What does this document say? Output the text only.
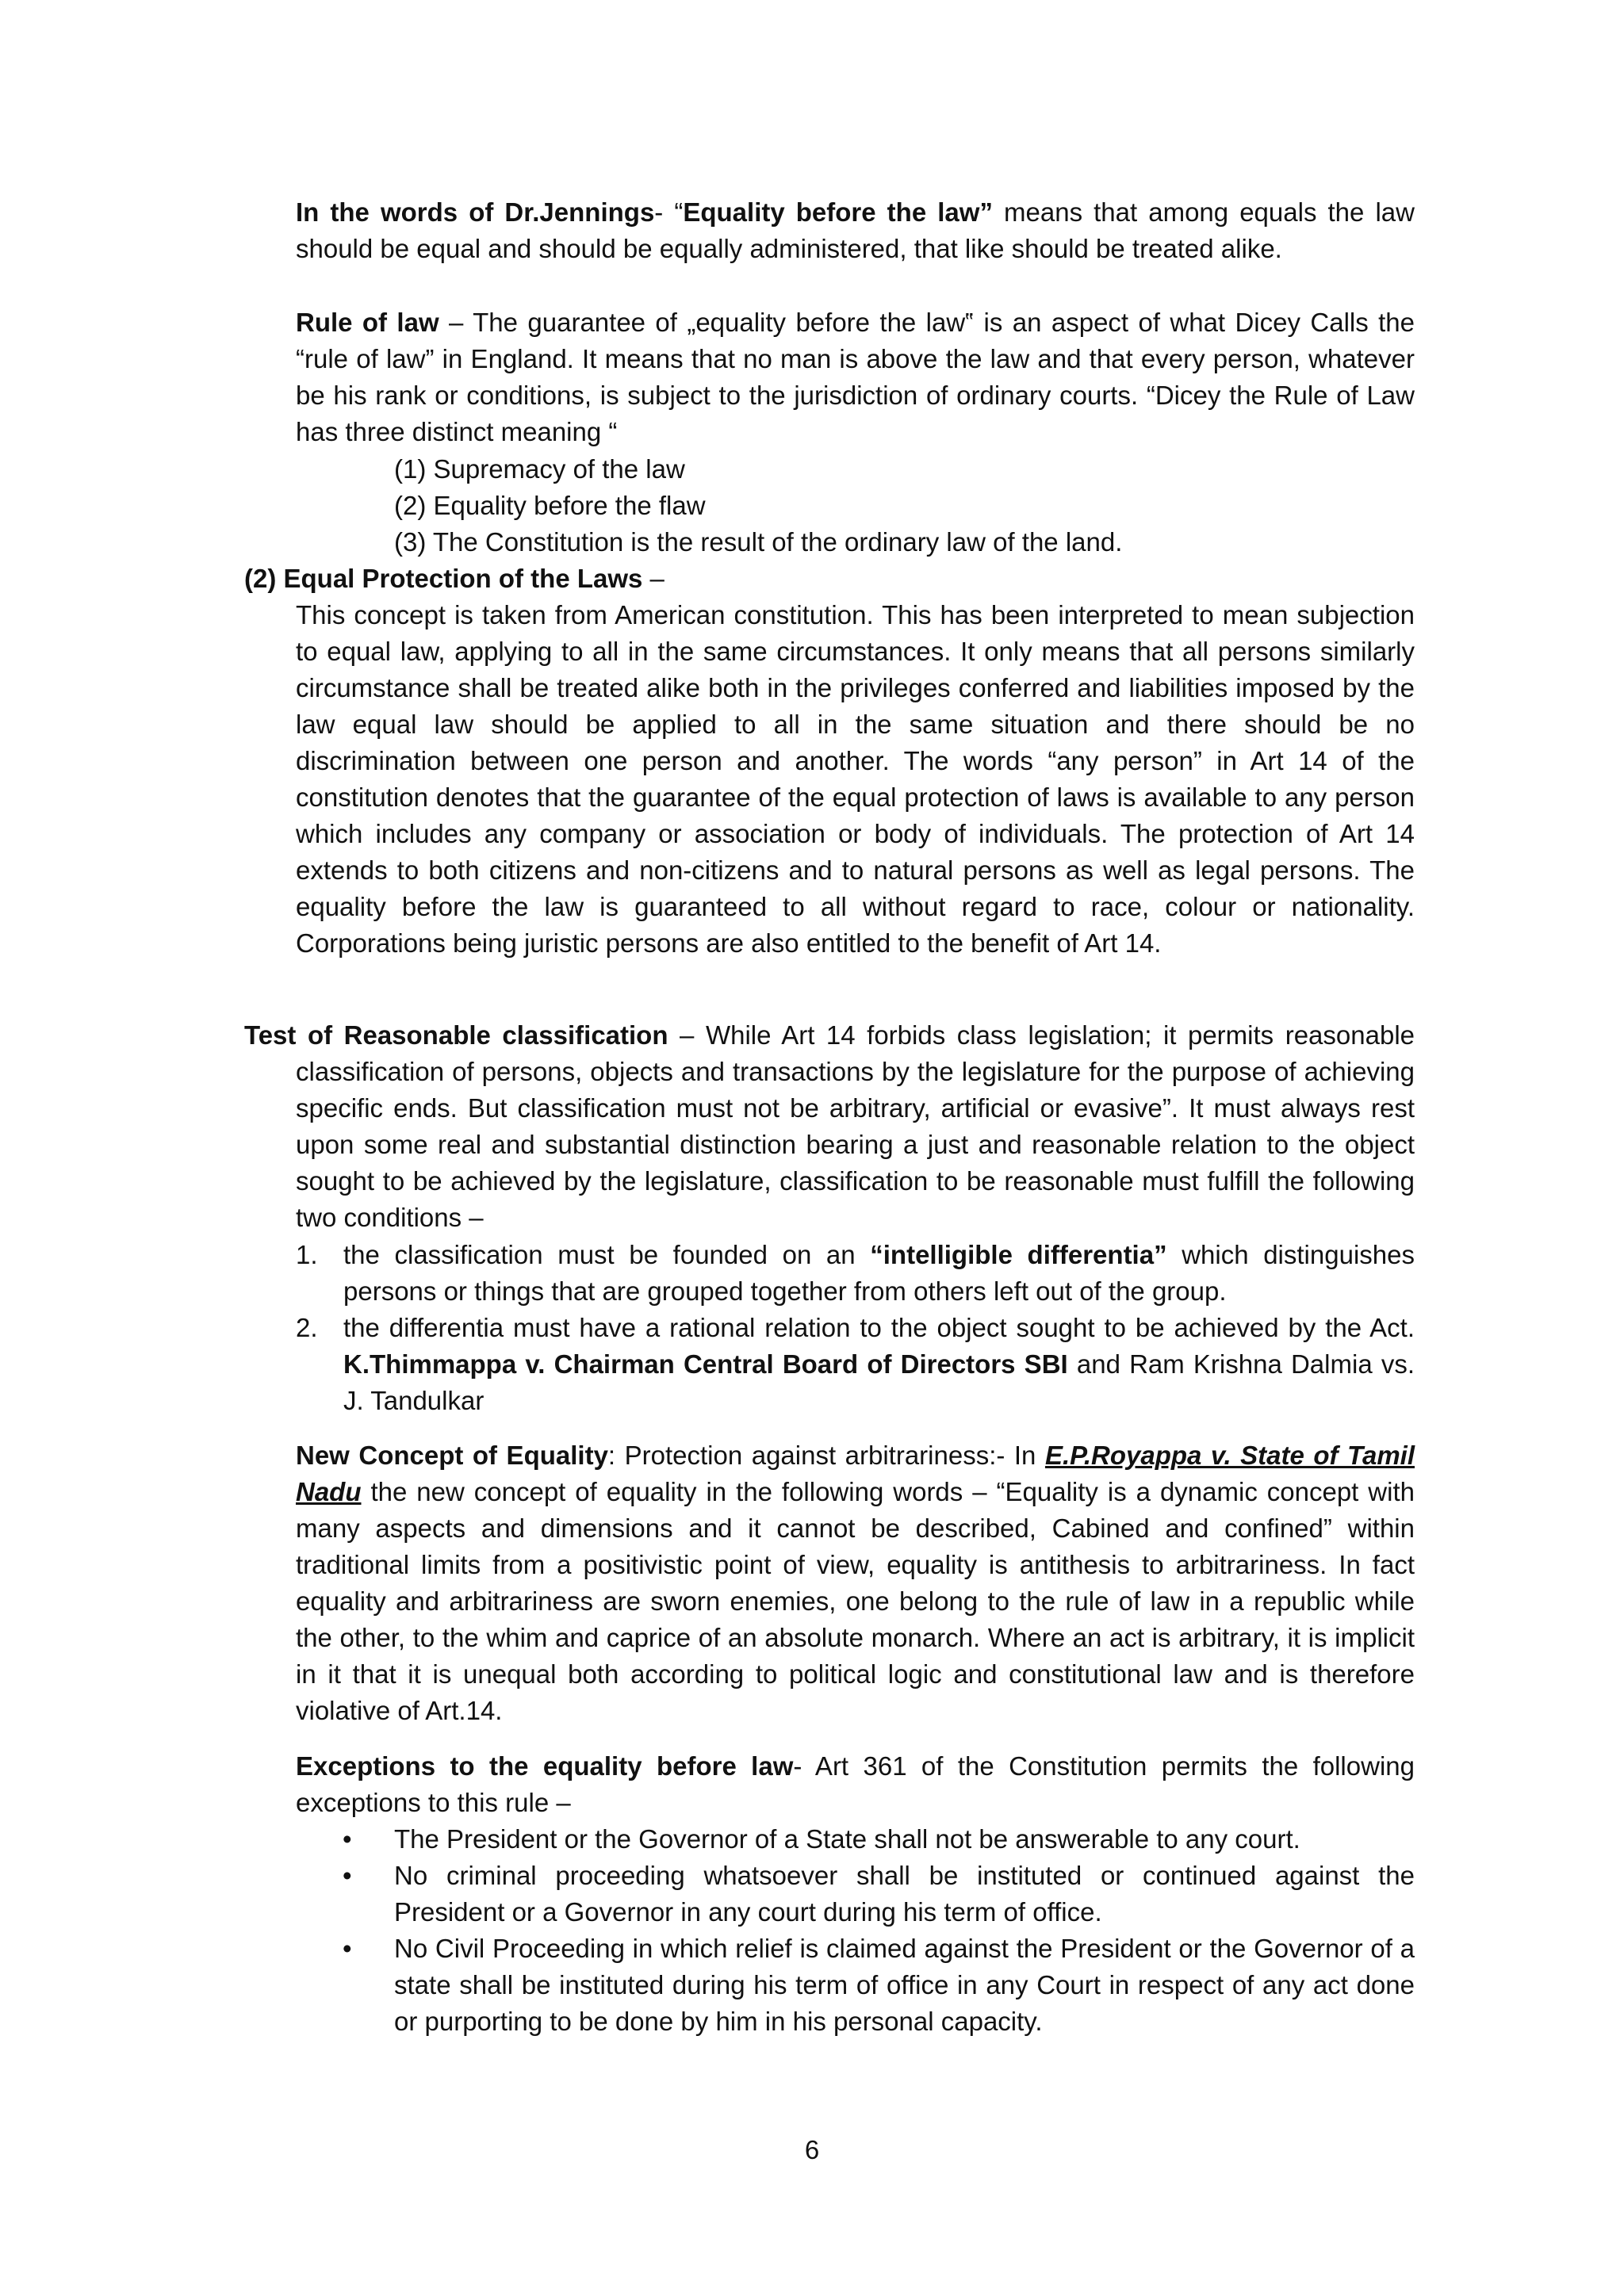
In the words of Dr.Jennings- “Equality before the law” means that among equals the law should be equal and should be equally administered, that like should be treated alike.

Rule of law – The guarantee of „equality before the law‟ is an aspect of what Dicey Calls the “rule of law” in England. It means that no man is above the law and that every person, whatever be his rank or conditions, is subject to the jurisdiction of ordinary courts. “Dicey the Rule of Law has three distinct meaning “

(1) Supremacy of the law
(2) Equality before the flaw
(3) The Constitution is the result of the ordinary law of the land.

(2) Equal Protection of the Laws –

This concept is taken from American constitution. This has been interpreted to mean subjection to equal law, applying to all in the same circumstances. It only means that all persons similarly circumstance shall be treated alike both in the privileges conferred and liabilities imposed by the law equal law should be applied to all in the same situation and there should be no discrimination between one person and another. The words “any person” in Art 14 of the constitution denotes that the guarantee of the equal protection of laws is available to any person which includes any company or association or body of individuals. The protection of Art 14 extends to both citizens and non-citizens and to natural persons as well as legal persons. The equality before the law is guaranteed to all without regard to race, colour or nationality. Corporations being juristic persons are also entitled to the benefit of Art 14.

Test of Reasonable classification – While Art 14 forbids class legislation; it permits reasonable classification of persons, objects and transactions by the legislature for the purpose of achieving specific ends. But classification must not be arbitrary, artificial or evasive”. It must always rest upon some real and substantial distinction bearing a just and reasonable relation to the object sought to be achieved by the legislature, classification to be reasonable must fulfill the following two conditions –

1. the classification must be founded on an “intelligible differentia” which distinguishes persons or things that are grouped together from others left out of the group.

2. the differentia must have a rational relation to the object sought to be achieved by the Act. K.Thimmappa v. Chairman Central Board of Directors SBI and Ram Krishna Dalmia vs. J. Tandulkar

New Concept of Equality: Protection against arbitrariness:- In E.P.Royappa v. State of Tamil Nadu the new concept of equality in the following words – “Equality is a dynamic concept with many aspects and dimensions and it cannot be described, Cabined and confined” within traditional limits from a positivistic point of view, equality is antithesis to arbitrariness. In fact equality and arbitrariness are sworn enemies, one belong to the rule of law in a republic while the other, to the whim and caprice of an absolute monarch. Where an act is arbitrary, it is implicit in it that it is unequal both according to political logic and constitutional law and is therefore violative of Art.14.

Exceptions to the equality before law- Art 361 of the Constitution permits the following exceptions to this rule –

•	The President or the Governor of a State shall not be answerable to any court.

•	No criminal proceeding whatsoever shall be instituted or continued against the President or a Governor in any court during his term of office.

•	No Civil Proceeding in which relief is claimed against the President or the Governor of a state shall be instituted during his term of office in any Court in respect of any act done or purporting to be done by him in his personal capacity.

6
